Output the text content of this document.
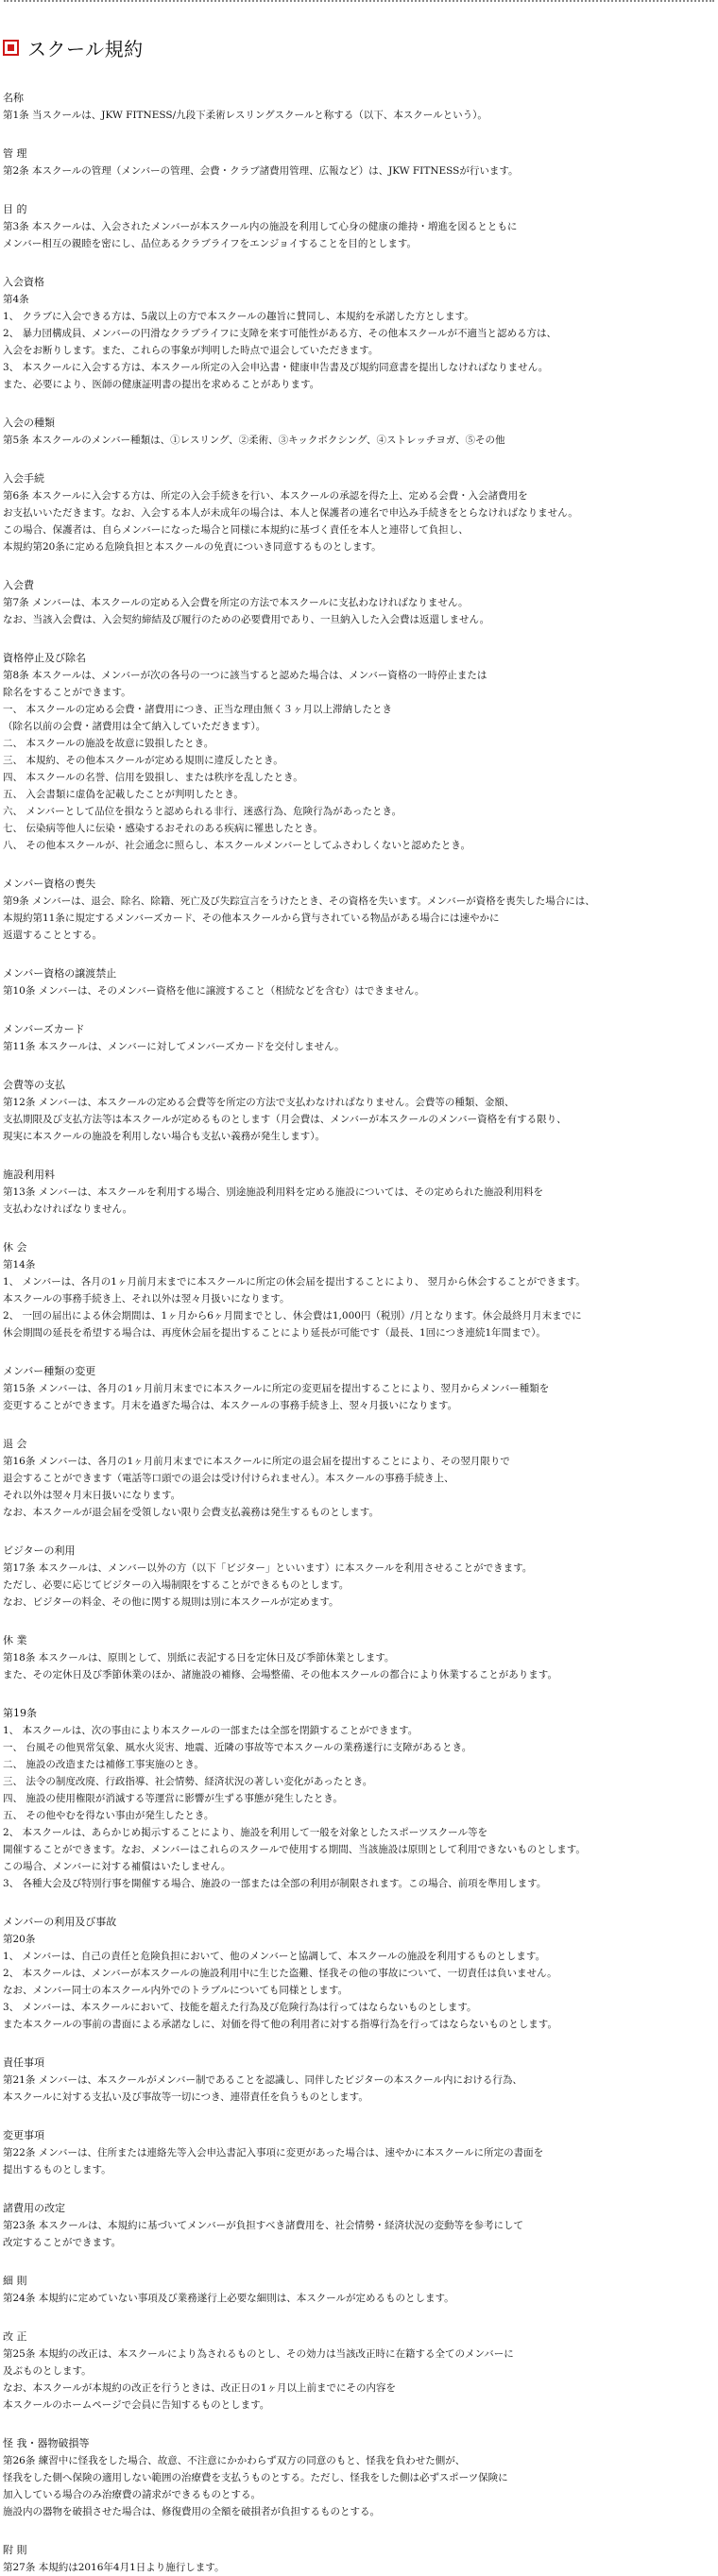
スクール規約

名称

第1条 当スクールは、JKW FITNESS/九段下柔術レスリングスクールと称する（以下、本スクールという）。

管 理

第2条 本スクールの管理（メンバーの管理、会費・クラブ諸費用管理、広報など）は、JKW FITNESSが行います。

目 的

第3条 本スクールは、入会されたメンバーが本スクール内の施設を利用して心身の健康の維持・増進を図るとともに

メンバー相互の親睦を密にし、品位あるクラブライフをエンジョイすることを目的とします。

入会資格

第4条

1、 クラブに入会できる方は、5歳以上の方で本スクールの趣旨に賛同し、本規約を承諾した方とします。

2、 暴力団構成員、メンバーの円滑なクラブライフに支障を来す可能性がある方、その他本スクールが不適当と認める方は、

入会をお断りします。また、これらの事象が判明した時点で退会していただきます。

3、 本スクールに入会する方は、本スクール所定の入会申込書・健康申告書及び規約同意書を提出しなければなりません。

また、必要により、医師の健康証明書の提出を求めることがあります。

入会の種類

第5条 本スクールのメンバー種類は、①レスリング、②柔術、③キックボクシング、④ストレッチヨガ、⑤その他

入会手続

第6条 本スクールに入会する方は、所定の入会手続きを行い、本スクールの承認を得た上、定める会費・入会諸費用を

お支払いいただきます。なお、入会する本人が未成年の場合は、本人と保護者の連名で申込み手続きをとらなければなりません。

この場合、保護者は、自らメンバーになった場合と同様に本規約に基づく責任を本人と連帯して負担し、

本規約第20条に定める危険負担と本スクールの免責についき同意するものとします。

入会費

第7条 メンバーは、本スクールの定める入会費を所定の方法で本スクールに支払わなければなりません。

なお、当該入会費は、入会契約締結及び履行のための必要費用であり、一旦納入した入会費は返還しません。

資格停止及び除名

第8条 本スクールは、メンバーが次の各号の一つに該当すると認めた場合は、メンバー資格の一時停止または

除名をすることができます。

一、 本スクールの定める会費・諸費用につき、正当な理由無く３ヶ月以上滞納したとき

（除名以前の会費・諸費用は全て納入していただきます）。

二、 本スクールの施設を故意に毀損したとき。

三、 本規約、その他本スクールが定める規則に違反したとき。

四、 本スクールの名誉、信用を毀損し、または秩序を乱したとき。

五、 入会書類に虚偽を記載したことが判明したとき。

六、 メンバーとして品位を損なうと認められる非行、迷惑行為、危険行為があったとき。

七、 伝染病等他人に伝染・感染するおそれのある疾病に罹患したとき。

八、 その他本スクールが、社会通念に照らし、本スクールメンバーとしてふさわしくないと認めたとき。

メンバー資格の喪失

第9条 メンバーは、退会、除名、除籍、死亡及び失踪宣言をうけたとき、その資格を失います。メンバーが資格を喪失した場合には、

本規約第11条に規定するメンバーズカード、その他本スクールから貸与されている物品がある場合には速やかに

返還することとする。

メンバー資格の譲渡禁止

第10条 メンバーは、そのメンバー資格を他に譲渡すること（相続などを含む）はできません。

メンバーズカード

第11条 本スクールは、メンバーに対してメンバーズカードを交付しません。

会費等の支払

第12条 メンバーは、本スクールの定める会費等を所定の方法で支払わなければなりません。会費等の種類、金額、

支払期限及び支払方法等は本スクールが定めるものとします（月会費は、メンバーが本スクールのメンバー資格を有する限り、

現実に本スクールの施設を利用しない場合も支払い義務が発生します）。

施設利用料

第13条 メンバーは、本スクールを利用する場合、別途施設利用料を定める施設については、その定められた施設利用料を

支払わなければなりません。

休 会

第14条

1、 メンバーは、各月の1ヶ月前月末までに本スクールに所定の休会届を提出することにより、 翌月から休会することができます。

本スクールの事務手続き上、それ以外は翌々月扱いになります。

2、 一回の届出による休会期間は、1ヶ月から6ヶ月間までとし、休会費は1,000円（税別）/月となります。休会最終月月末までに

休会期間の延長を希望する場合は、再度休会届を提出することにより延長が可能です（最長、1回につき連続1年間まで）。

メンバー種類の変更

第15条 メンバーは、各月の1ヶ月前月末までに本スクールに所定の変更届を提出することにより、翌月からメンバー種類を

変更することができます。月末を過ぎた場合は、本スクールの事務手続き上、翌々月扱いになります。

退 会

第16条 メンバーは、各月の1ヶ月前月末までに本スクールに所定の退会届を提出することにより、その翌月限りで

退会することができます（電話等口頭での退会は受け付けられません）。本スクールの事務手続き上、

それ以外は翌々月末日扱いになります。

なお、本スクールが退会届を受領しない限り会費支払義務は発生するものとします。

ビジターの利用

第17条 本スクールは、メンバー以外の方（以下「ビジター」といいます）に本スクールを利用させることができます。

ただし、必要に応じてビジターの入場制限をすることができるものとします。

なお、ビジターの料金、その他に関する規則は別に本スクールが定めます。

休 業

第18条 本スクールは、原則として、別紙に表記する日を定休日及び季節休業とします。

また、その定休日及び季節休業のほか、諸施設の補修、会場整備、その他本スクールの都合により休業することがあります。

第19条

1、 本スクールは、次の事由により本スクールの一部または全部を閉鎖することができます。

一、 台風その他異常気象、風水火災害、地震、近隣の事故等で本スクールの業務遂行に支障があるとき。

二、 施設の改造または補修工事実施のとき。

三、 法令の制度改廃、行政指導、社会情勢、経済状況の著しい変化があったとき。

四、 施設の使用権限が消滅する等運営に影響が生ずる事態が発生したとき。

五、 その他やむを得ない事由が発生したとき。

2、 本スクールは、あらかじめ掲示することにより、施設を利用して一般を対象としたスポーツスクール等を

開催することができます。なお、メンバーはこれらのスクールで使用する期間、当該施設は原則として利用できないものとします。

この場合、メンバーに対する補償はいたしません。

3、 各種大会及び特別行事を開催する場合、施設の一部または全部の利用が制限されます。この場合、前項を準用します。

メンバーの利用及び事故

第20条

1、 メンバーは、自己の責任と危険負担において、他のメンバーと協調して、本スクールの施設を利用するものとします。

2、 本スクールは、メンバーが本スクールの施設利用中に生じた盗難、怪我その他の事故について、一切責任は負いません。

なお、メンバー同士の本スクール内外でのトラブルについても同様とします。

3、 メンバーは、本スクールにおいて、技能を超えた行為及び危険行為は行ってはならないものとします。

また本スクールの事前の書面による承諾なしに、対価を得て他の利用者に対する指導行為を行ってはならないものとします。

責任事項

第21条 メンバーは、本スクールがメンバー制であることを認識し、同伴したビジターの本スクール内における行為、

本スクールに対する支払い及び事故等一切につき、連帯責任を負うものとします。

変更事項

第22条 メンバーは、住所または連絡先等入会申込書記入事項に変更があった場合は、速やかに本スクールに所定の書面を

提出するものとします。

諸費用の改定

第23条 本スクールは、本規約に基づいてメンバーが負担すべき諸費用を、社会情勢・経済状況の変動等を参考にして

改定することができます。

細 則

第24条 本規約に定めていない事項及び業務遂行上必要な細則は、本スクールが定めるものとします。

改 正

第25条 本規約の改正は、本スクールにより為されるものとし、その効力は当該改正時に在籍する全てのメンバーに

及ぶものとします。

なお、本スクールが本規約の改正を行うときは、改正日の1ヶ月以上前までにその内容を

本スクールのホームページで会員に告知するものとします。

怪 我・器物破損等

第26条 練習中に怪我をした場合、故意、不注意にかかわらず双方の同意のもと、怪我を負わせた側が、

怪我をした側へ保険の適用しない範囲の治療費を支払うものとする。ただし、怪我をした側は必ずスポーツ保険に

加入している場合のみ治療費の請求ができるものとする。

施設内の器物を破損させた場合は、修復費用の全額を破損者が負担するものとする。

附 則

第27条 本規約は2016年4月1日より施行します。
